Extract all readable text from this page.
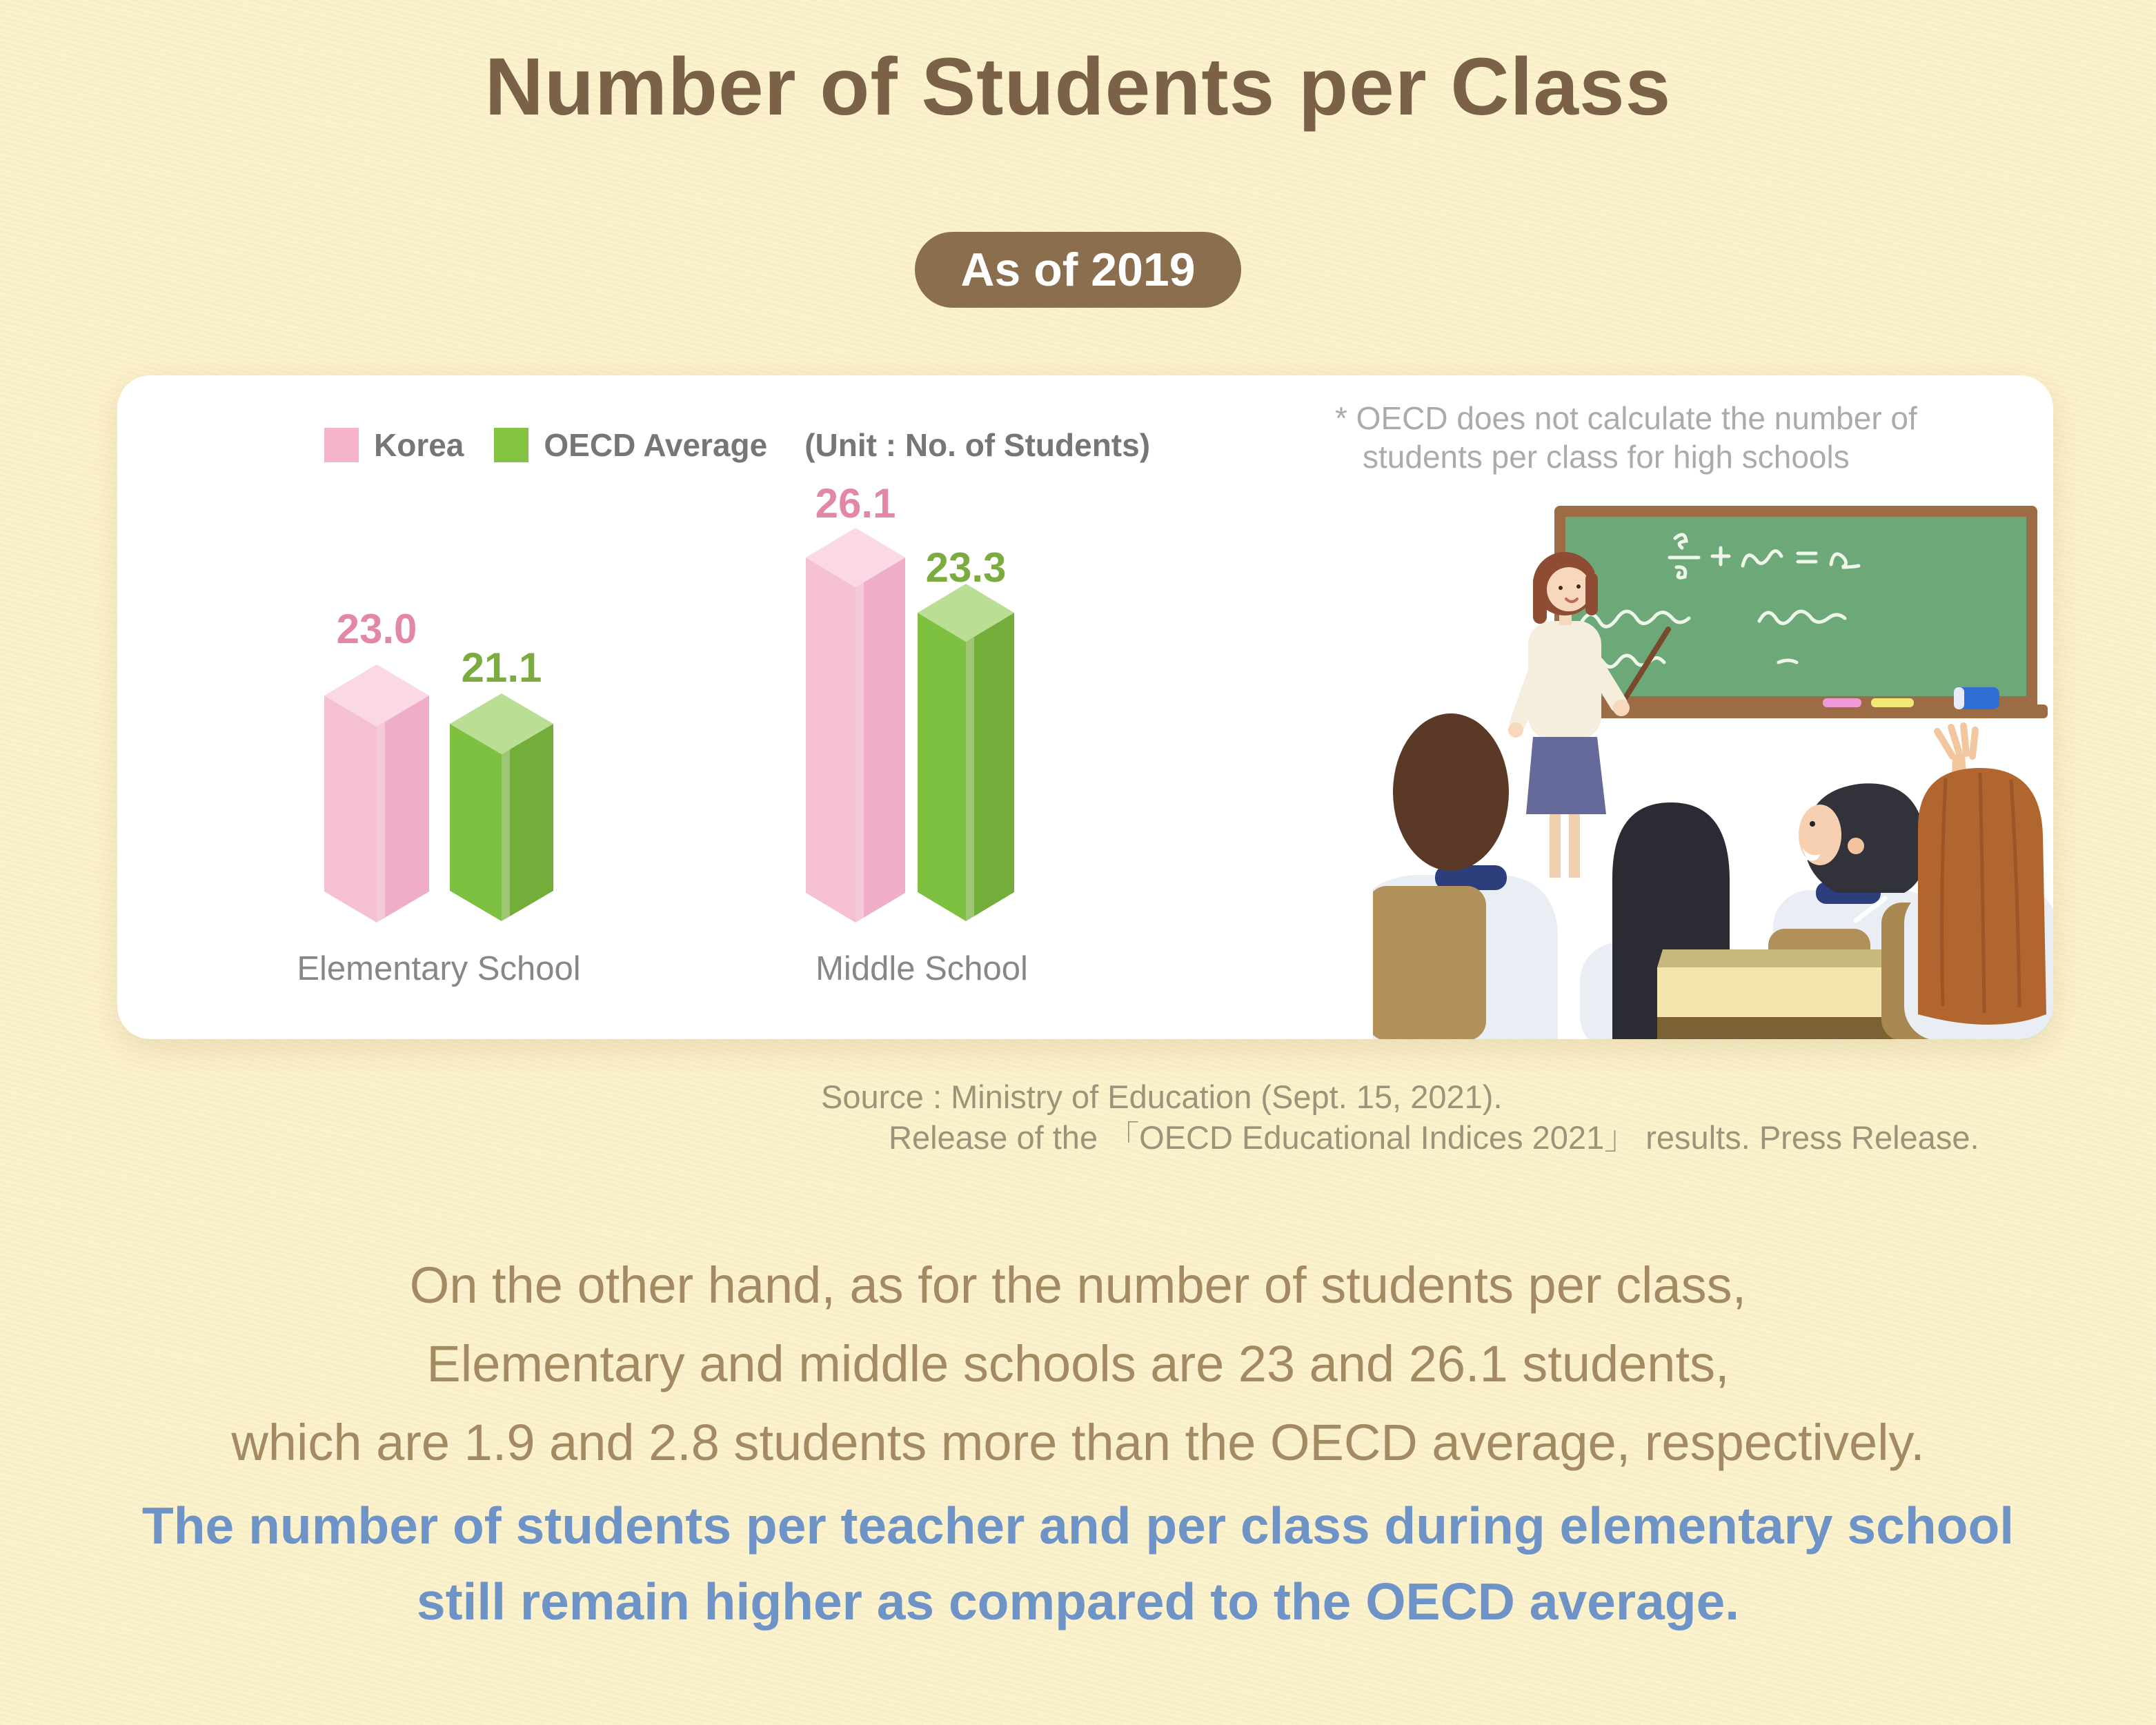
Number of Students per Class
As of 2019
Korea	OECD Average (Unit : No. of Students)
* OECD does not calculate the number of
students per class for high schools
23.0
21.1
26.1
23.3
Elementary School	Middle School
Source : Ministry of Education (Sept. 15, 2021).
Release of the 「OECD Educational Indices 2021」 results. Press Release.
On the other hand, as for the number of students per class,
Elementary and middle schools are 23 and 26.1 students,
which are 1.9 and 2.8 students more than the OECD average, respectively.
The number of students per teacher and per class during elementary school
still remain higher as compared to the OECD average.
